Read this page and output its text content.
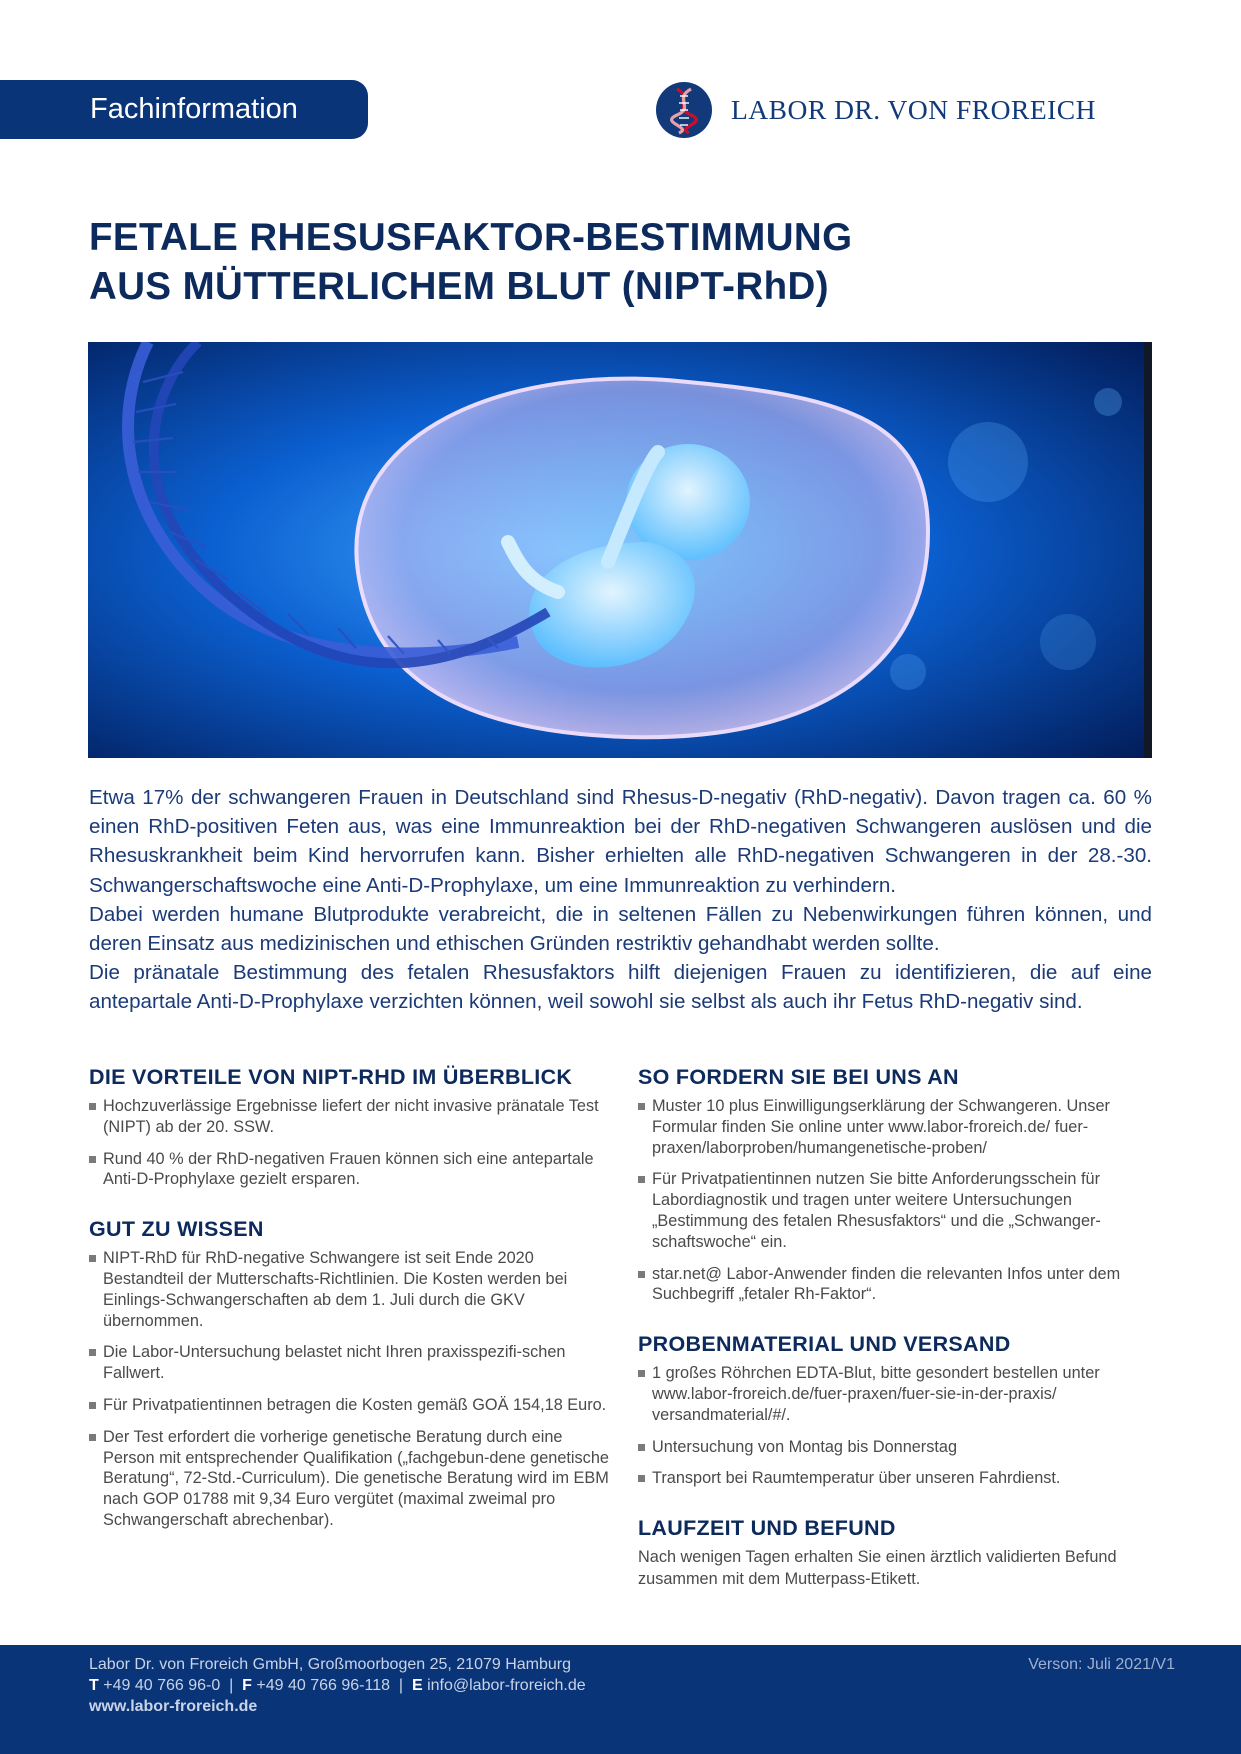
Fachinformation	LABOR DR. VON FROREICH
FETALE RHESUSFAKTOR-BESTIMMUNG
AUS MÜTTERLICHEM BLUT (NIPT-RhD)

Etwa 17% der schwangeren Frauen in Deutschland sind Rhesus-D-negativ (RhD-negativ). Davon tragen ca. 60 % einen RhD-positiven Feten aus, was eine Immunreaktion bei der RhD-negativen Schwangeren auslösen und die Rhesuskrankheit beim Kind hervorrufen kann. Bisher erhielten alle RhD-negativen Schwangeren in der 28.-30. Schwangerschaftswoche eine Anti-D-Prophylaxe, um eine Immunreaktion zu verhindern.

Dabei werden humane Blutprodukte verabreicht, die in seltenen Fällen zu Nebenwirkungen führen können, und deren Einsatz aus medizinischen und ethischen Gründen restriktiv gehandhabt werden sollte.

Die pränatale Bestimmung des fetalen Rhesusfaktors hilft diejenigen Frauen zu identifizieren, die auf eine antepartale Anti-D-Prophylaxe verzichten können, weil sowohl sie selbst als auch ihr Fetus RhD-negativ sind.

DIE VORTEILE VON NIPT-RHD IM ÜBERBLICK
Hochzuverlässige Ergebnisse liefert der nicht invasive pränatale Test (NIPT) ab der 20. SSW.
Rund 40 % der RhD-negativen Frauen können sich eine antepartale Anti-D-Prophylaxe gezielt ersparen.
GUT ZU WISSEN
NIPT-RhD für RhD-negative Schwangere ist seit Ende 2020 Bestandteil der Mutterschafts-Richtlinien. Die Kosten werden bei Einlings-Schwangerschaften ab dem 1. Juli durch die GKV übernommen.
Die Labor-Untersuchung belastet nicht Ihren praxisspezifi-schen Fallwert.
Für Privatpatientinnen betragen die Kosten gemäß GOÄ 154,18 Euro.
Der Test erfordert die vorherige genetische Beratung durch eine Person mit entsprechender Qualifikation („fachgebun-dene genetische Beratung“, 72-Std.-Curriculum). Die genetische Beratung wird im EBM nach GOP 01788 mit 9,34 Euro vergütet (maximal zweimal pro Schwangerschaft abrechenbar).
SO FORDERN SIE BEI UNS AN
Muster 10 plus Einwilligungserklärung der Schwangeren. Unser Formular finden Sie online unter www.labor-froreich.de/ fuer-praxen/laborproben/humangenetische-proben/
Für Privatpatientinnen nutzen Sie bitte Anforderungsschein für Labordiagnostik und tragen unter weitere Untersuchungen „Bestimmung des fetalen Rhesusfaktors“ und die „Schwanger-schaftswoche“ ein.
star.net@ Labor-Anwender finden die relevanten Infos unter dem Suchbegriff „fetaler Rh-Faktor“.
PROBENMATERIAL UND VERSAND
1 großes Röhrchen EDTA-Blut, bitte gesondert bestellen unter www.labor-froreich.de/fuer-praxen/fuer-sie-in-der-praxis/ versandmaterial/#/.
Untersuchung von Montag bis Donnerstag
Transport bei Raumtemperatur über unseren Fahrdienst.
LAUFZEIT UND BEFUND

Nach wenigen Tagen erhalten Sie einen ärztlich validierten Befund zusammen mit dem Mutterpass-Etikett.

Labor Dr. von Froreich GmbH, Großmoorbogen 25, 21079 Hamburg
T +49 40 766 96-0  |  F +49 40 766 96-118  |  E info@labor-froreich.de
www.labor-froreich.de
Verson: Juli 2021/V1
